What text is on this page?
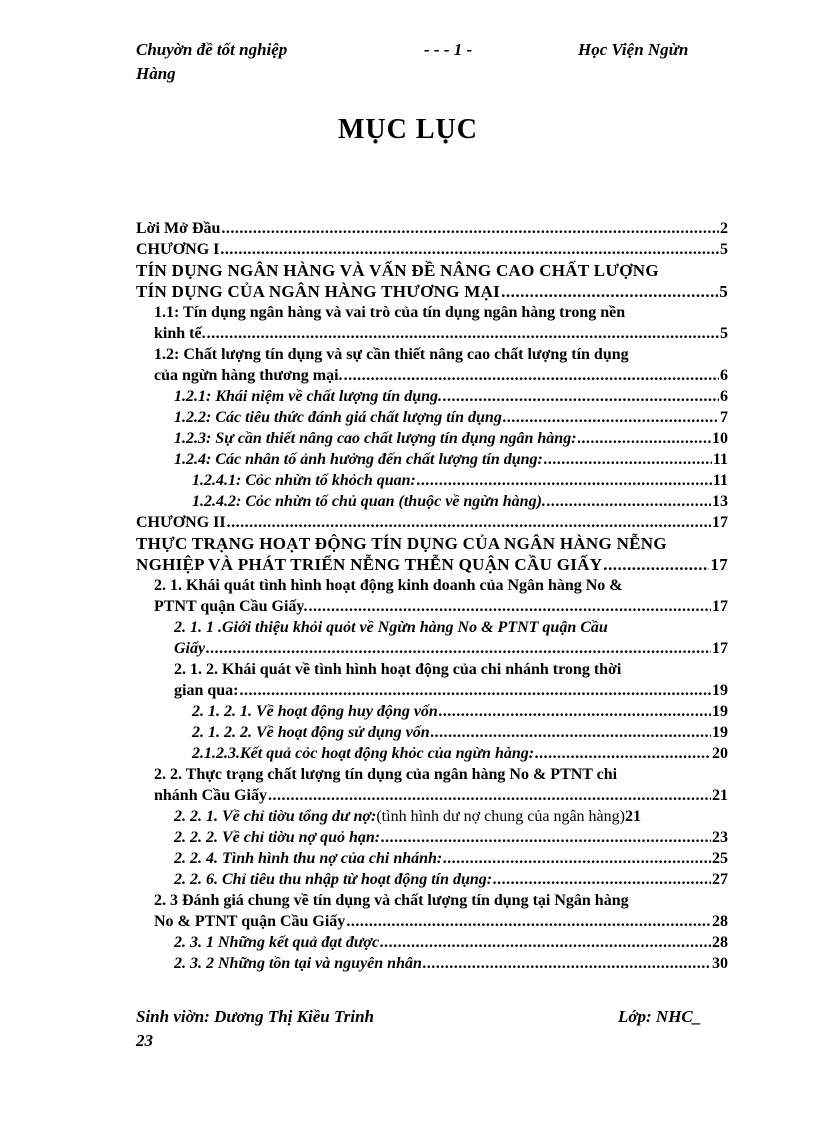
Chuyờn đề tốt nghiệp	- - - 1 -	Học Viện Ngừn
Hàng
MỤC LỤC
Lời Mở Đầu .....	2
CHƯƠNG I .....	5
TÍN DỤNG NGÂN HÀNG VÀ VẤN ĐỀ NÂNG CAO CHẤT LƯỢNG
TÍN DỤNG CỦA NGÂN HÀNG THƯƠNG MẠI .....	5
1.1: Tín dụng ngân hàng và vai trò của tín dụng ngân hàng trong nền
kinh tế. .....	5
1.2: Chất lượng tín dụng và sự cần thiết nâng cao chất lượng tín dụng
của ngừn hàng thương mại. .....	6
1.2.1: Khái niệm về chất lượng tín dụng. .....	6
1.2.2: Các tiêu thức đánh giá chất lượng tín dụng .....	7
1.2.3: Sự cần thiết nâng cao chất lượng tín dụng ngân hàng: .....	10
1.2.4: Các nhân tố ảnh hưởng đến chất lượng tín dụng: .....	11
1.2.4.1: Cỏc nhừn tố khỏch quan: .....	11
1.2.4.2: Cỏc nhừn tố chủ quan (thuộc về ngừn hàng). .....	13
CHƯƠNG II .....	17
THỰC TRẠNG HOẠT ĐỘNG TÍN DỤNG CỦA NGÂN HÀNG NỄNG
NGHIỆP VÀ PHÁT TRIỂN NỄNG THỄN QUẬN CẦU GIẤY .....	17
2. 1. Khái quát tình hình hoạt động kinh doanh của Ngân hàng No &
PTNT quận Cầu Giấy. .....	17
2. 1. 1 .Giới thiệu khỏi quỏt về Ngừn hàng No & PTNT quận Cầu
Giấy .....	17
2. 1. 2. Khái quát về tình hình hoạt động của chi nhánh trong thời
gian qua: .....	19
2. 1. 2. 1. Về hoạt động huy động vốn .....	19
2. 1. 2. 2. Về hoạt động sử dụng vốn .....	19
2.1.2.3.Kết quả cỏc hoạt động khỏc của ngừn hàng: .....	20
2. 2. Thực trạng chất lượng tín dụng của ngân hàng No & PTNT chi
nhánh Cầu Giấy .....	21
2. 2. 1. Về chỉ tiờu tổng dư nợ: (tình hình dư nợ chung của ngân hàng) 21
2. 2. 2. Về chỉ tiờu nợ quỏ hạn: .....	23
2. 2. 4. Tình hình thu nợ của chi nhánh: .....	25
2. 2. 6. Chỉ tiêu thu nhập từ hoạt động tín dụng: .....	27
2. 3 Đánh giá chung về tín dụng và chất lượng tín dụng tại Ngân hàng
No & PTNT quận Cầu Giấy .....	28
2. 3. 1 Những kết quả đạt được .....	28
2. 3. 2 Những tồn tại và nguyên nhân .....	30
Sinh viờn: Dương Thị Kiều Trinh	Lớp: NHC_
23
